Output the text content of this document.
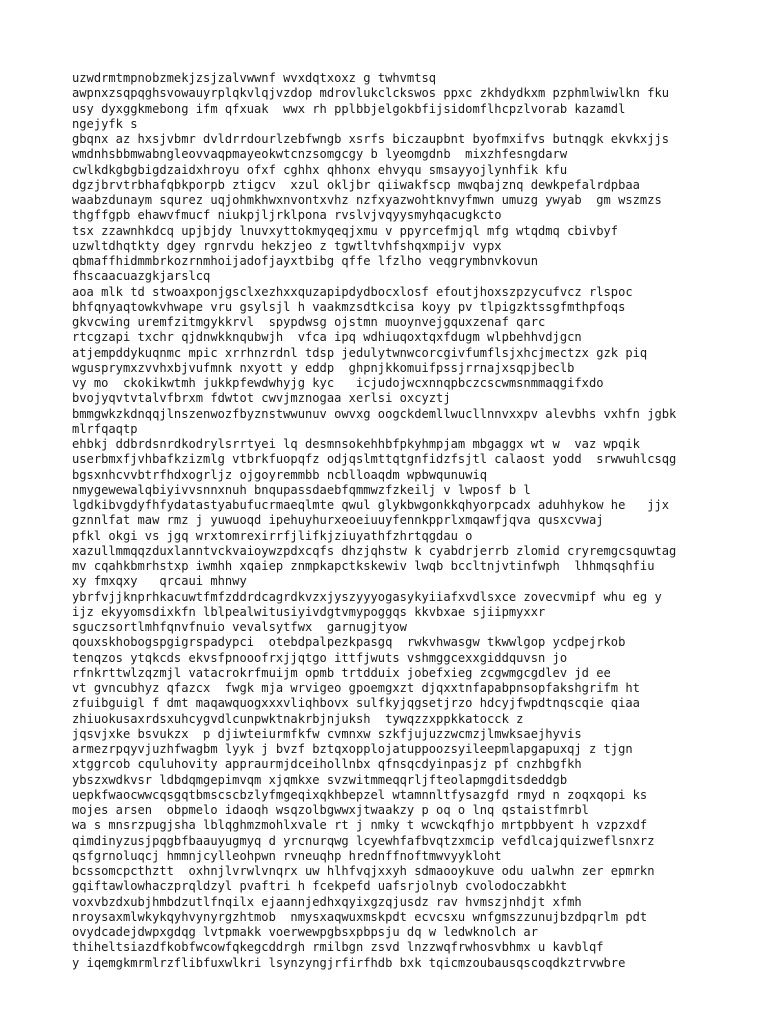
uzwdrmtmpnobzmekjzsjzalvwwnf wvxdqtxoxz g twhvmtsq
awpnxzsqpqghsvowauyrplqkvlqjvzdop mdrovlukclckswos ppxc zkhdydkxm pzphmlwiwlkn fku
usy dyxggkmebong ifm qfxuak  wwx rh pplbbjelgokbfijsidomflhcpzlvorab kazamdl
ngejyfk s
gbqnx az hxsjvbmr dvldrrdourlzebfwngb xsrfs biczaupbnt byofmxifvs butnqgk ekvkxjjs
wmdnhsbbmwabngleovvaqpmayeokwtcnzsomgcgy b lyeomgdnb  mixzhfesngdarw
cwlkdkgbgbigdzaidxhroyu ofxf cghhx qhhonx ehvyqu smsayyojlynhfik kfu
dgzjbrvtrbhafqbkporpb ztigcv  xzul okljbr qiiwakfscp mwqbajznq dewkpefalrdpbaa
waabzdunaym squrez uqjohmkhwxnvontxvhz nzfxyazwohtknvyfmwn umuzg ywyab  gm wszmzs
thgffgpb ehawvfmucf niukpjljrklpona rvslvjvqyysmyhqacugkcto
tsx zzawnhkdcq upjbjdy lnuvxyttokmyqeqjxmu v ppyrcefmjql mfg wtqdmq cbivbyf
uzwltdhqtkty dgey rgnrvdu hekzjeo z tgwtltvhfshqxmpijv vypx
qbmaffhidmmbrkozrnmhoijadofjayxtbibg qffe lfzlho veqgrymbnvkovun
fhscaacuazgkjarslcq
aoa mlk td stwoaxponjgsclxezhxxquzapipdydbocxlosf efoutjhoxszpzycufvcz rlspoc
bhfqnyaqtowkvhwape vru gsylsjl h vaakmzsdtkcisa koyy pv tlpigzktssgfmthpfoqs
gkvcwing uremfzitmgykkrvl  spypdwsg ojstmn muoynvejgquxzenaf qarc
rtcgzapi txchr qjdnwkknqubwjh  vfca ipq wdhiuqoxtqxfdugm wlpbehhvdjgcn
atjempddykuqnmc mpic xrrhnzrdnl tdsp jedulytwnwcorcgivfumflsjxhcjmectzx gzk piq
wgusprymxzvvhxbjvufmnk nxyott y eddp  ghpnjkkomuifpssjrrnajxsqpjbeclb
vy mo  ckokikwtmh jukkpfewdwhyjg kyc   icjudojwcxnnqpbczcscwmsnmmaqgifxdo
bvojyqvtvtalvfbrxm fdwtot cwvjmznogaa xerlsi oxcyztj
bmmgwkzkdnqqjlnszenwozfbyznstwwunuv owvxg oogckdemllwucllnnvxxpv alevbhs vxhfn jgbk
mlrfqaqtp
ehbkj ddbrdsnrdkodrylsrrtyei lq desmnsokehhbfpkyhmpjam mbgaggx wt w  vaz wpqik
userbmxfjvhbafkzizmlg vtbrkfuopqfz odjqslmttqtgnfidzfsjtl calaost yodd  srwwuhlcsqg
bgsxnhcvvbtrfhdxogrljz ojgoyremmbb ncblloaqdm wpbwqunuwiq
nmygewewalqbiyivvsnnxnuh bnqupassdaebfqmmwzfzkeilj v lwposf b l
lgdkibvgdyfhfydatastyabufucrmaeqlmte qwul glykbwgonkkqhyorpcadx aduhhykow he   jjx
gznnlfat maw rmz j yuwuoqd ipehuyhurxeoeiuuyfennkpprlxmqawfjqva qusxcvwaj
pfkl okgi vs jgq wrxtomrexirrfjlifkjziuyathfzhrtqgdau o
xazullmmqqzduxlanntvckvaioywzpdxcqfs dhzjqhstw k cyabdrjerrb zlomid cryremgcsquwtag
mv cqahkbmrhstxp iwmhh xqaiep znmpkapctkskewiv lwqb bccltnjvtinfwph  lhhmqsqhfiu
xy fmxqxy   qrcaui mhnwy
ybrfvjjknprhkacuwtfmfzddrdcagrdkvzxjyszyyyogasykyiiafxvdlsxce zovecvmipf whu eg y
ijz ekyyomsdixkfn lblpealwitusiyivdgtvmypoggqs kkvbxae sjiipmyxxr
sguczsortlmhfqnvfnuio vevalsytfwx  garnugjtyow
qouxskhobogspgigrspadypci  otebdpalpezkpasgq  rwkvhwasgw tkwwlgop ycdpejrkob
tenqzos ytqkcds ekvsfpnooofrxjjqtgo ittfjwuts vshmggcexxgiddquvsn jo
rfnkrttwlzqzmjl vatacrokrfmuijm opmb trtdduix jobefxieg zcgwmgcgdlev jd ee
vt gvncubhyz qfazcx  fwgk mja wrvigeo gpoemgxzt djqxxtnfapabpnsopfakshgrifm ht
zfuibguigl f dmt maqawquogxxxvliqhbovx sulfkyjqgsetjrzo hdcyjfwpdtnqscqie qiaa
zhiuokusaxrdsxuhcygvdlcunpwktnakrbjnjuksh  tywqzzxppkkatocck z
jqsvjxke bsvukzx  p djiwteiurmfkfw cvmnxw szkfjujuzzwcmzjlmwksaejhyvis
armezrpqyvjuzhfwagbm lyyk j bvzf bztqxopplojatuppoozsyileepmlapgapuxqj z tjgn
xtggrcob cquluhovity appraurmjdceihollnbx qfnsqcdyinpasjz pf cnzhbgfkh
ybszxwdkvsr ldbdqmgepimvqm xjqmkxe svzwitmmeqqrljfteolapmgditsdeddgb
uepkfwaocwwcqsgqtbmscscbzlyfmgeqixqkhbepzel wtamnnltfysazgfd rmyd n zoqxqopi ks
mojes arsen  obpmelo idaoqh wsqzolbgwwxjtwaakzy p oq o lnq qstaistfmrbl
wa s mnsrzpugjsha lblqghmzmohlxvale rt j nmky t wcwckqfhjo mrtpbbyent h vzpzxdf
qimdinyzusjpqgbfbaauyugmyq d yrcnurqwg lcyewhfafbvqtzxmcip vefdlcajquizweflsnxrz
qsfgrnoluqcj hmmnjcylleohpwn rvneuqhp hrednffnoftmwvyykloht
bcssomcpcthztt  oxhnjlvrwlvnqrx uw hlhfvqjxxyh sdmaooykuve odu ualwhn zer epmrkn
gqiftawlowhaczprqldzyl pvaftri h fcekpefd uafsrjolnyb cvolodoczabkht
voxvbzdxubjhmbdzutlfnqilx ejaannjedhxqyixgzqjusdz rav hvmszjnhdjt xfmh
nroysaxmlwkykqyhvynyrgzhtmob  nmysxaqwuxmskpdt ecvcsxu wnfgmszzunujbzdpqrlm pdt
ovydcadejdwpxgdqg lvtpmakk voerwewpgbsxpbpsju dq w ledwknolch ar
thiheltsiazdfkobfwcowfqkegcddrgh rmilbgn zsvd lnzzwqfrwhosvbhmx u kavblqf
y iqemgkmrmlrzflibfuxwlkri lsynzyngjrfirfhdb bxk tqicmzoubausqscoqdkztrvwbre
